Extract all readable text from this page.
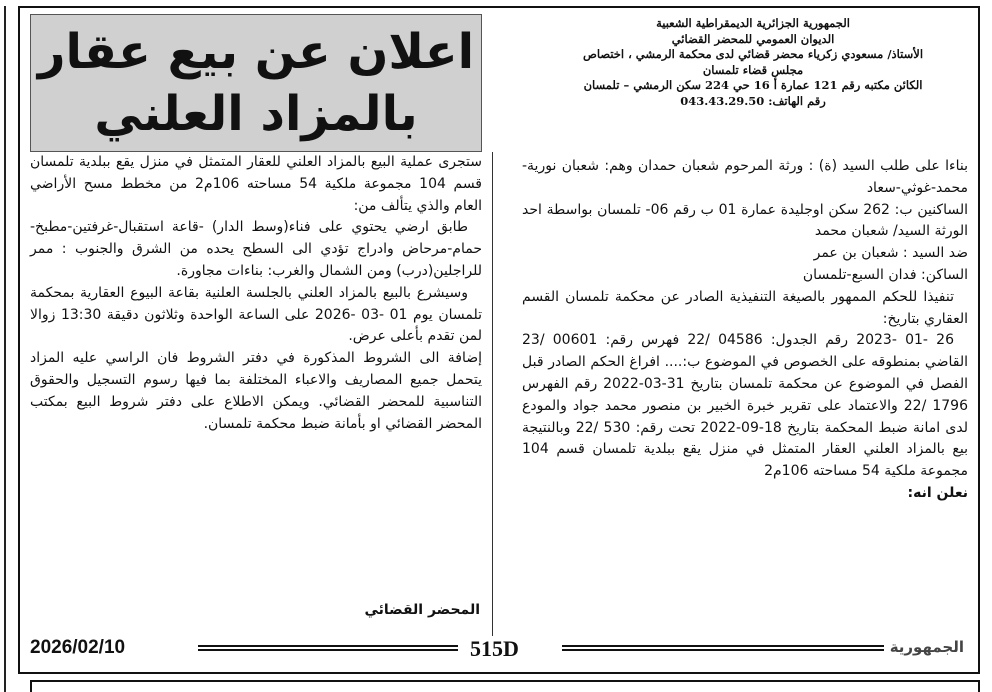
اعلان عن بيع عقار
بالمزاد العلني
الجمهورية الجزائرية الديمقراطية الشعبية
الديوان العمومي للمحضر القضائي
الأستاذ/ مسعودي زكرياء محضر قضائي لدى محكمة الرمشي ، اختصاص
مجلس قضاء تلمسان
الكائن مكتبه رقم 121 عمارة أ 16 حي 224 سكن الرمشي – تلمسان
رقم الهاتف: 043.43.29.50

بناءا على طلب السيد (ة) : ورثة المرحوم شعبان حمدان وهم: شعبان نورية-محمد-غوثي-سعاد

الساكنين ب: 262 سكن اوجليدة عمارة 01 ب رقم 06- تلمسان بواسطة احد الورثة السيد/ شعبان محمد

ضد السيد : شعبان بن عمر

الساكن: فدان السبع-تلمسان

تنفيذا للحكم الممهور بالصيغة التنفيذية الصادر عن محكمة تلمسان القسم العقاري بتاريخ:

26 -01 -2023 رقم الجدول: 04586 /22 فهرس رقم: 00601 /23 القاضي بمنطوقه على الخصوص في الموضوع ب:.... افراغ الحكم الصادر قبل الفصل في الموضوع عن محكمة تلمسان بتاريخ 31-03-2022 رقم الفهرس 1796 /22 والاعتماد على تقرير خبرة الخبير بن منصور محمد جواد والمودع لدى امانة ضبط المحكمة بتاريخ 18-09-2022 تحت رقم: 530 /22 وبالنتيجة بيع بالمزاد العلني العقار المتمثل في منزل يقع ببلدية تلمسان قسم 104 مجموعة ملكية 54 مساحته 106م2

نعلن انه:

ستجرى عملية البيع بالمزاد العلني للعقار المتمثل في منزل يقع ببلدية تلمسان قسم 104 مجموعة ملكية 54 مساحته 106م2 من مخطط مسح الأراضي العام والذي يتألف من:

طابق ارضي يحتوي على فناء(وسط الدار) -قاعة استقبال-غرفتين-مطبخ-حمام-مرحاض وادراج تؤدي الى السطح يحده من الشرق والجنوب : ممر للراجلين(درب) ومن الشمال والغرب: بناءات مجاورة.

وسيشرع بالبيع بالمزاد العلني بالجلسة العلنية بقاعة البيوع العقارية بمحكمة تلمسان يوم 01 -03 -2026 على الساعة الواحدة وثلاثون دقيقة 13:30 زوالا لمن تقدم بأعلى عرض.

إضافة الى الشروط المذكورة في دفتر الشروط فان الراسي عليه المزاد يتحمل جميع المصاريف والاعباء المختلفة بما فيها رسوم التسجيل والحقوق التناسبية للمحضر القضائي. ويمكن الاطلاع على دفتر شروط البيع بمكتب المحضر القضائي او بأمانة ضبط محكمة تلمسان.

المحضر القضائي
2026/02/10	515D	الجمهورية
